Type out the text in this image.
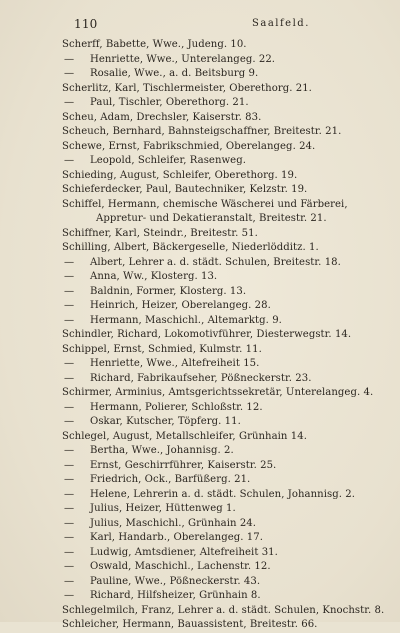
110	Saalfeld.
Scherff, Babette, Wwe., Judeng. 10.
— Henriette, Wwe., Unterelangeg. 22.
— Rosalie, Wwe., a. d. Beitsburg 9.
Scherlitz, Karl, Tischlermeister, Oberethorg. 21.
— Paul, Tischler, Oberethorg. 21.
Scheu, Adam, Drechsler, Kaiserstr. 83.
Scheuch, Bernhard, Bahnsteigschaffner, Breitestr. 21.
Schewe, Ernst, Fabrikschmied, Oberelangeg. 24.
— Leopold, Schleifer, Rasenweg.
Schieding, August, Schleifer, Oberethorg. 19.
Schieferdecker, Paul, Bautechniker, Kelzstr. 19.
Schiffel, Hermann, chemische Wäscherei und Färberei,
Appretur- und Dekatieranstalt, Breitestr. 21.
Schiffner, Karl, Steindr., Breitestr. 51.
Schilling, Albert, Bäckergeselle, Niederlödditz. 1.
— Albert, Lehrer a. d. städt. Schulen, Breitestr. 18.
— Anna, Ww., Klosterg. 13.
— Baldnin, Former, Klosterg. 13.
— Heinrich, Heizer, Oberelangeg. 28.
— Hermann, Maschichl., Altemarktg. 9.
Schindler, Richard, Lokomotivführer, Diesterwegstr. 14.
Schippel, Ernst, Schmied, Kulmstr. 11.
— Henriette, Wwe., Altefreiheit 15.
— Richard, Fabrikaufseher, Pößneckerstr. 23.
Schirmer, Arminius, Amtsgerichtssekretär, Unterelangeg. 4.
— Hermann, Polierer, Schloßstr. 12.
— Oskar, Kutscher, Töpferg. 11.
Schlegel, August, Metallschleifer, Grünhain 14.
— Bertha, Wwe., Johannisg. 2.
— Ernst, Geschirrführer, Kaiserstr. 25.
— Friedrich, Ock., Barfüßerg. 21.
— Helene, Lehrerin a. d. städt. Schulen, Johannisg. 2.
— Julius, Heizer, Hüttenweg 1.
— Julius, Maschichl., Grünhain 24.
— Karl, Handarb., Oberelangeg. 17.
— Ludwig, Amtsdiener, Altefreiheit 31.
— Oswald, Maschichl., Lachenstr. 12.
— Pauline, Wwe., Pößneckerstr. 43.
— Richard, Hilfsheizer, Grünhain 8.
Schlegelmilch, Franz, Lehrer a. d. städt. Schulen, Knochstr. 8.
Schleicher, Hermann, Bauassistent, Breitestr. 66.
